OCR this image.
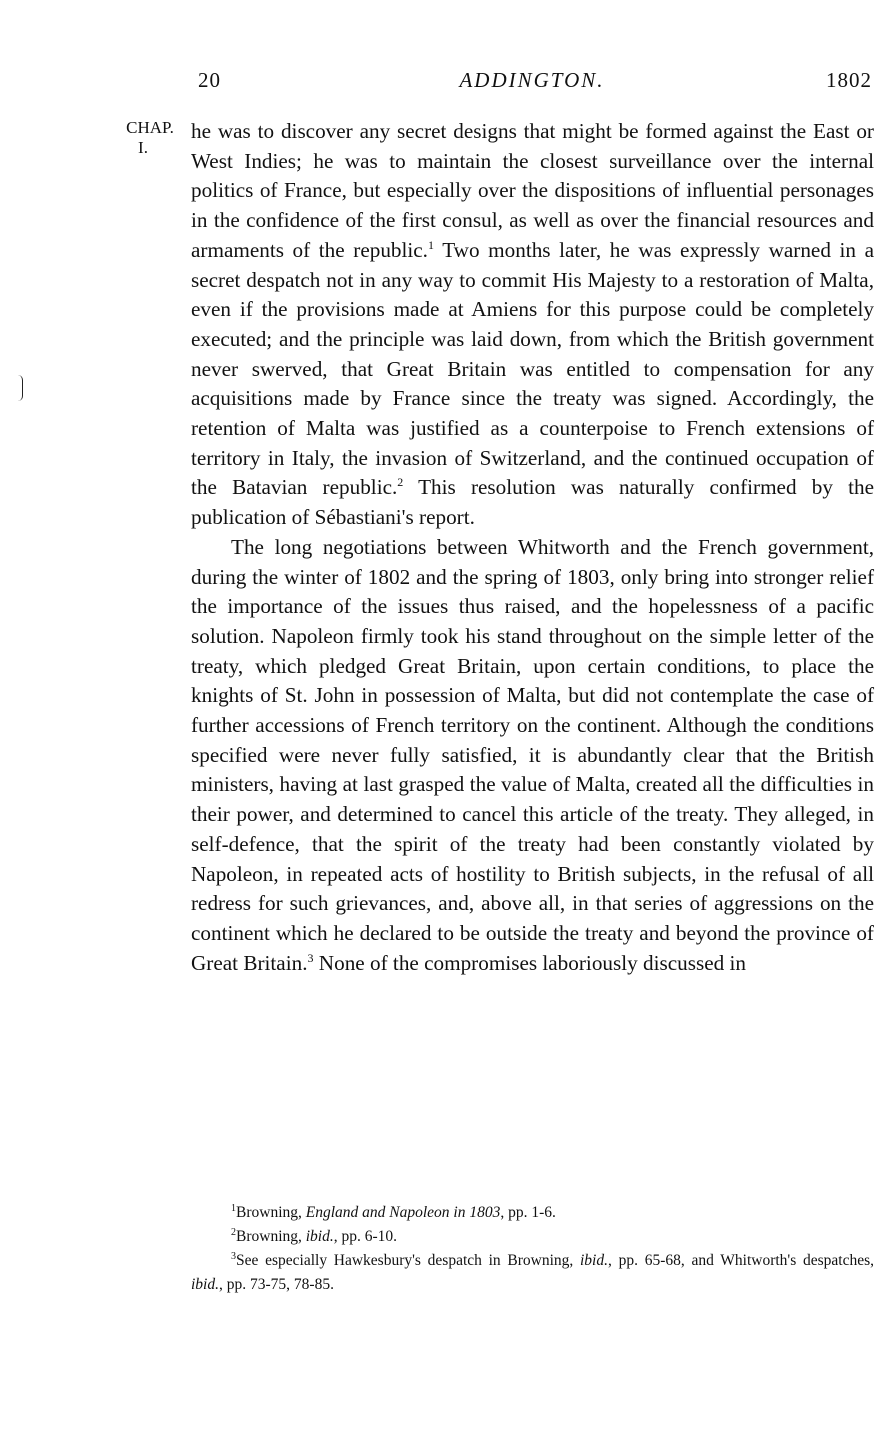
20	ADDINGTON.	1802
CHAP.
I.

he was to discover any secret designs that might be formed against the East or West Indies; he was to maintain the closest surveillance over the internal politics of France, but especially over the dispositions of influential personages in the confidence of the first consul, as well as over the financial resources and armaments of the republic.$^1$ Two months later, he was expressly warned in a secret despatch not in any way to commit His Majesty to a restoration of Malta, even if the provisions made at Amiens for this purpose could be completely executed; and the principle was laid down, from which the British government never swerved, that Great Britain was entitled to compensation for any acquisitions made by France since the treaty was signed. Accordingly, the retention of Malta was justified as a counterpoise to French extensions of territory in Italy, the invasion of Switzerland, and the continued occupation of the Batavian republic.$^2$ This resolution was naturally confirmed by the publication of Sébastiani's report.

The long negotiations between Whitworth and the French government, during the winter of 1802 and the spring of 1803, only bring into stronger relief the importance of the issues thus raised, and the hopelessness of a pacific solution. Napoleon firmly took his stand throughout on the simple letter of the treaty, which pledged Great Britain, upon certain conditions, to place the knights of St. John in possession of Malta, but did not contemplate the case of further accessions of French territory on the continent. Although the conditions specified were never fully satisfied, it is abundantly clear that the British ministers, having at last grasped the value of Malta, created all the difficulties in their power, and determined to cancel this article of the treaty. They alleged, in self-defence, that the spirit of the treaty had been constantly violated by Napoleon, in repeated acts of hostility to British subjects, in the refusal of all redress for such grievances, and, above all, in that series of aggressions on the continent which he declared to be outside the treaty and beyond the province of Great Britain.$^3$ None of the compromises laboriously discussed in

$^1$Browning, England and Napoleon in 1803, pp. 1-6.

$^2$Browning, ibid., pp. 6-10.

$^3$See especially Hawkesbury's despatch in Browning, ibid., pp. 65-68, and Whitworth's despatches, ibid., pp. 73-75, 78-85.
